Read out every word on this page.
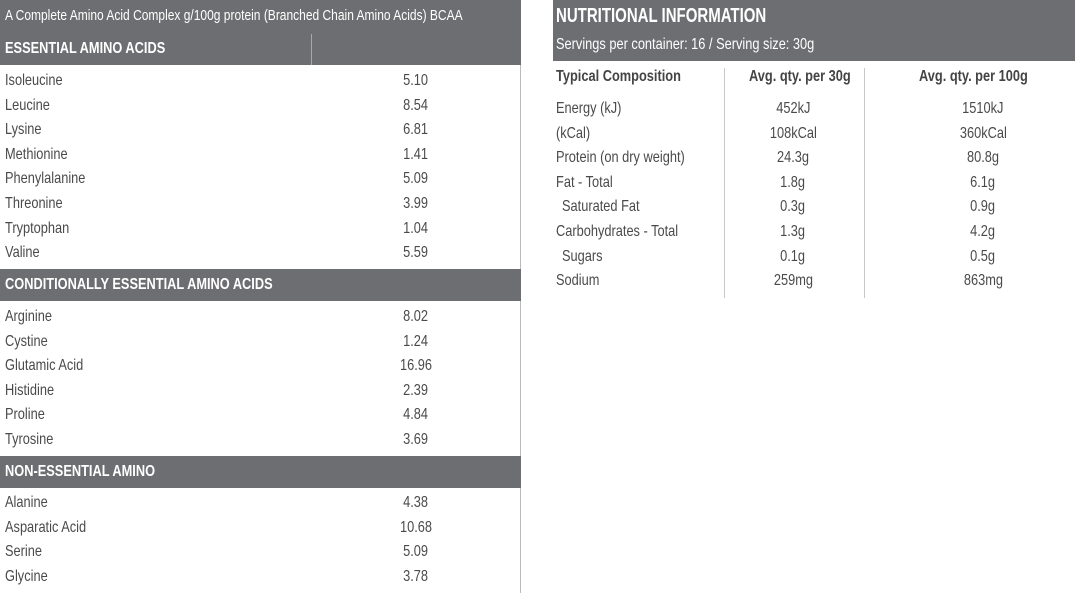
A Complete Amino Acid Complex g/100g protein (Branched Chain Amino Acids) BCAA
ESSENTIAL AMINO ACIDS
Isoleucine	5.10
Leucine	8.54
Lysine	6.81
Methionine	1.41
Phenylalanine	5.09
Threonine	3.99
Tryptophan	1.04
Valine	5.59
CONDITIONALLY ESSENTIAL AMINO ACIDS
Arginine	8.02
Cystine	1.24
Glutamic Acid	16.96
Histidine	2.39
Proline	4.84
Tyrosine	3.69
NON-ESSENTIAL AMINO
Alanine	4.38
Asparatic Acid	10.68
Serine	5.09
Glycine	3.78
NUTRITIONAL INFORMATION
Servings per container: 16 / Serving size: 30g
Typical Composition	Avg. qty. per 30g	Avg. qty. per 100g
Energy (kJ)	452kJ	1510kJ
(kCal)	108kCal	360kCal
Protein (on dry weight)	24.3g	80.8g
Fat - Total	1.8g	6.1g
Saturated Fat	0.3g	0.9g
Carbohydrates - Total	1.3g	4.2g
Sugars	0.1g	0.5g
Sodium	259mg	863mg
